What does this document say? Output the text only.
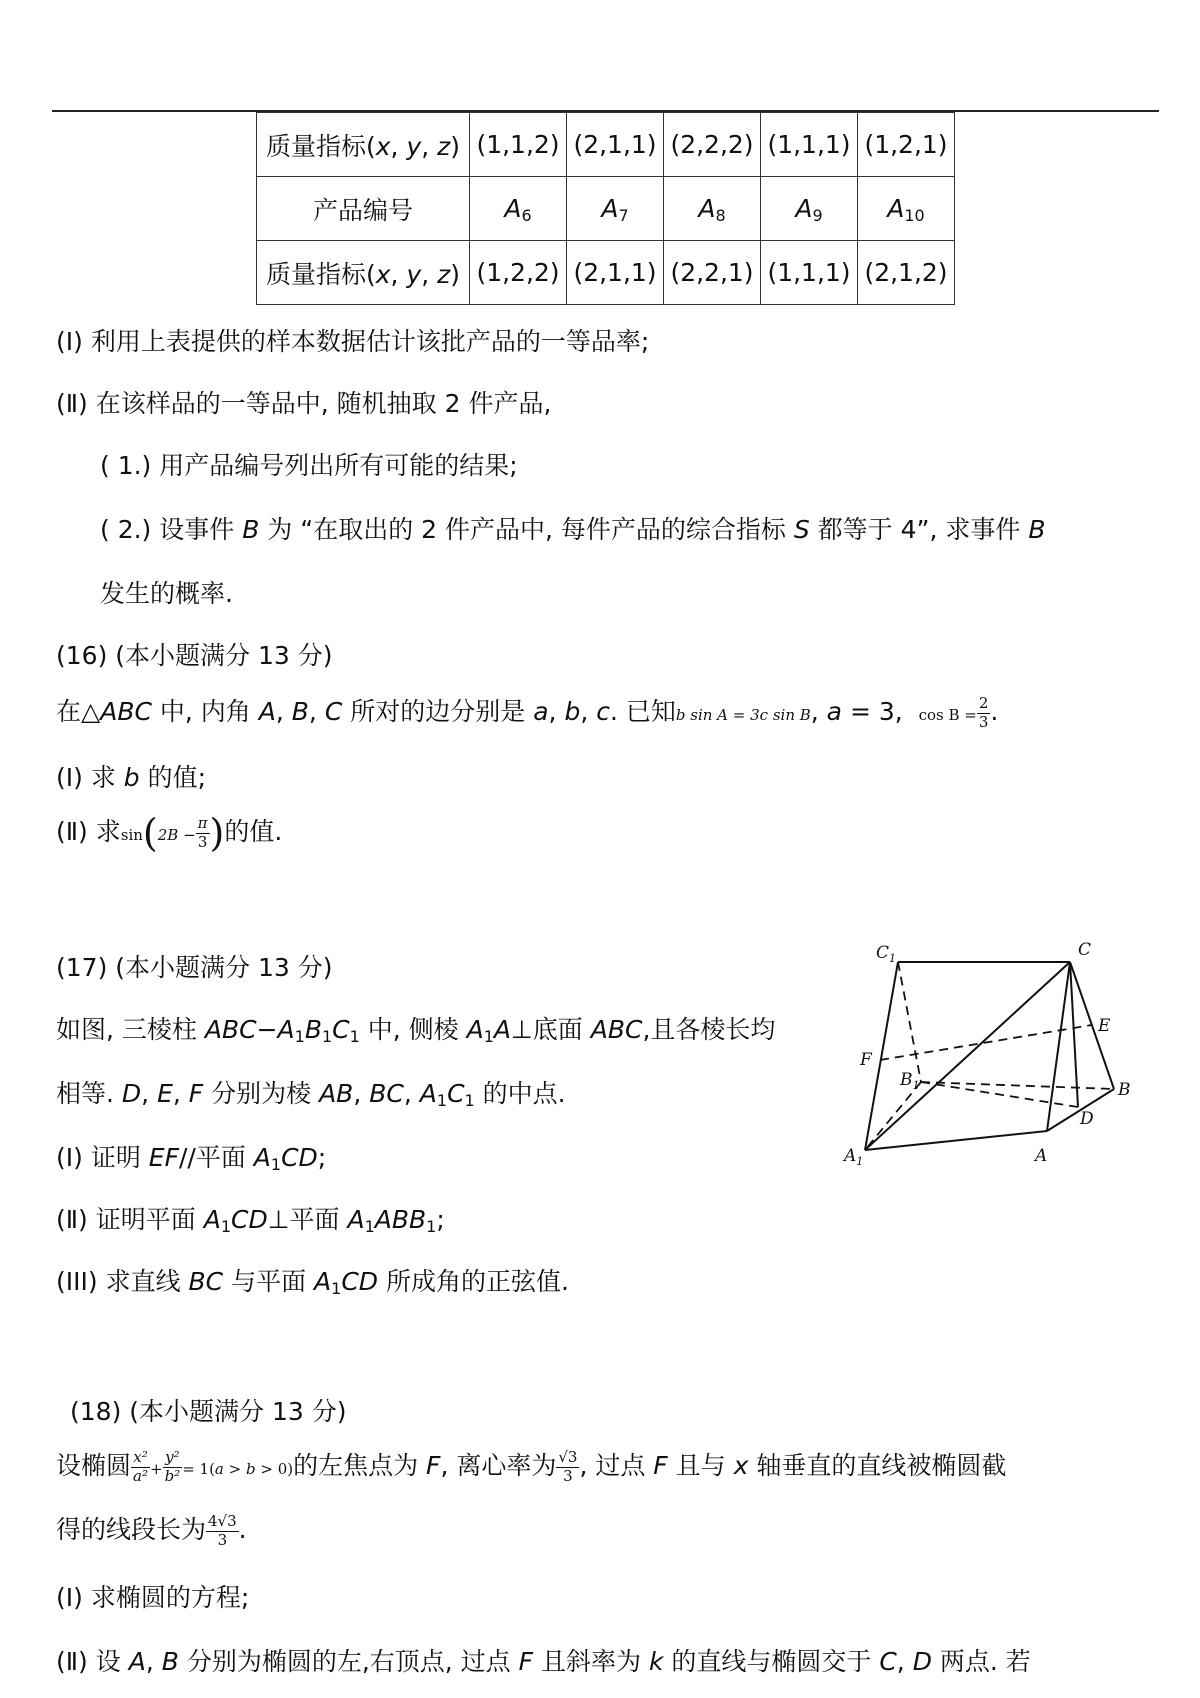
质量指标(x, y, z)	(1,1,2)	(2,1,1)	(2,2,2)	(1,1,1)	(1,2,1)
产品编号	$A_6$	$A_7$	$A_8$	$A_9$	$A_{10}$
质量指标(x, y, z)	(1,2,2)	(2,1,1)	(2,2,1)	(1,1,1)	(2,1,2)
(Ⅰ) 利用上表提供的样本数据估计该批产品的一等品率;
(Ⅱ) 在该样品的一等品中, 随机抽取 2 件产品,
( 1.) 用产品编号列出所有可能的结果;
( 2.) 设事件 B 为 “在取出的 2 件产品中, 每件产品的综合指标 S 都等于 4”, 求事件 B
发生的概率.
(16) (本小题满分 13 分)
在△ABC 中, 内角 A, B, C 所对的边分别是 a, b, c. 已知b sin A = 3c sin B, a = 3,  $\cos B = \frac{2}{3}$ .
(Ⅰ) 求 b 的值;
(Ⅱ) 求$\sin(2B - \frac{\pi}{3}$ )的值.
(17) (本小题满分 13 分)
如图, 三棱柱 $ABC-A_1B_1C_1$ 中, 侧棱 $A_1A\perp$底面 ABC,且各棱长均
相等. D, E, F 分别为棱 AB, BC, $A_1C_1$ 的中点.
(Ⅰ) 证明 EF//平面 $A_1CD$;
(Ⅱ) 证明平面 $A_1CD\perp$平面 $A_1ABB_1$;
(III) 求直线 BC 与平面 $A_1CD$ 所成角的正弦值.
$C_1$	C
E
F
$B_1$	B
D
$A_1$	A
(18) (本小题满分 13 分)
设椭圆 $\frac{\text{x²}}{\text{a²}} + \frac{\text{y²}}{\text{b²}} = 1(a > b > 0)$的左焦点为 F, 离心率为 $\frac{√3}{3}$ , 过点 F 且与 x 轴垂直的直线被椭圆截
得的线段长为 $\frac{4√3}{3}$ .
(Ⅰ) 求椭圆的方程;
(Ⅱ) 设 A, B 分别为椭圆的左,右顶点, 过点 F 且斜率为 k 的直线与椭圆交于 C, D 两点. 若
